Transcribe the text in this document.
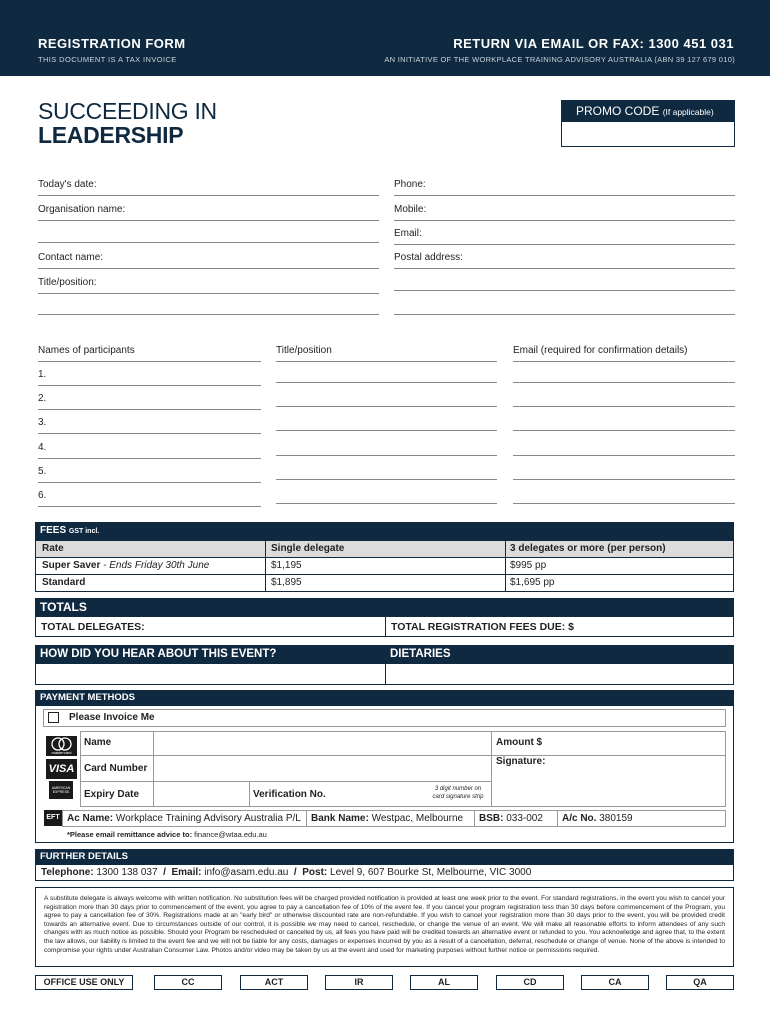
REGISTRATION FORM
THIS DOCUMENT IS A TAX INVOICE
RETURN VIA EMAIL OR FAX: 1300 451 031
AN INITIATIVE OF THE WORKPLACE TRAINING ADVISORY AUSTRALIA (ABN 39 127 679 010)
SUCCEEDING IN
LEADERSHIP
PROMO CODE (If applicable)
Today's date:	Phone:
Organisation name:	Mobile:
Email:
Contact name:	Postal address:
Title/position:
Names of participants	Title/position	Email (required for confirmation details)
1.
2.
3.
4.
5.
6.
FEES GST incl.
Rate	Single delegate	3 delegates or more (per person)
Super Saver - Ends Friday 30th June	$1,195	$995 pp
Standard	$1,895	$1,695 pp
TOTALS
TOTAL DELEGATES:	TOTAL REGISTRATION FEES DUE: $
HOW DID YOU HEAR ABOUT THIS EVENT?	DIETARIES
PAYMENT METHODS
Please Invoice Me
mastercard
VISA
AMERICAN EXPRESS
Name	Amount $
Card Number
Signature:
Expiry Date	Verification No.	3 digit number on
card signature strip
EFT Ac Name: Workplace Training Advisory Australia P/L Bank Name: Westpac, Melbourne BSB: 033-002 A/c No. 380159
*Please email remittance advice to: finance@wtaa.edu.au
FURTHER DETAILS
Telephone: 1300 138 037 / Email: info@asam.edu.au / Post: Level 9, 607 Bourke St, Melbourne, VIC 3000
A substitute delegate is always welcome with written notification. No substitution fees will be charged provided notification is provided at least one week prior to the event. For standard registrations, in the event you wish to cancel your registration more than 30 days prior to commencement of the event, you agree to pay a cancellation fee of 10% of the event fee. If you cancel your program registration less than 30 days before commencement of the Program, you agree to pay a cancellation fee of 30%. Registrations made at an "early bird" or otherwise discounted rate are non-refundable. If you wish to cancel your registration more than 30 days prior to the event, you will be provided credit towards an alternative event. Due to circumstances outside of our control, it is possible we may need to cancel, reschedule, or change the venue of an event. We will make all reasonable efforts to inform attendees of any such changes with as much notice as possible. Should your Program be rescheduled or cancelled by us, all fees you have paid will be credited towards an alternative event or refunded to you. You acknowledge and agree that, to the extent the law allows, our liability is limited to the event fee and we will not be liable for any costs, damages or expenses incurred by you as a result of a cancellation, deferral, reschedule or change of venue. None of the above is intended to compromise your rights under Australian Consumer Law. Photos and/or video may be taken by us at the event and used for marketing purposes without further notice or permissions required.
OFFICE USE ONLY	CC	ACT	IR	AL	CD	CA	QA
